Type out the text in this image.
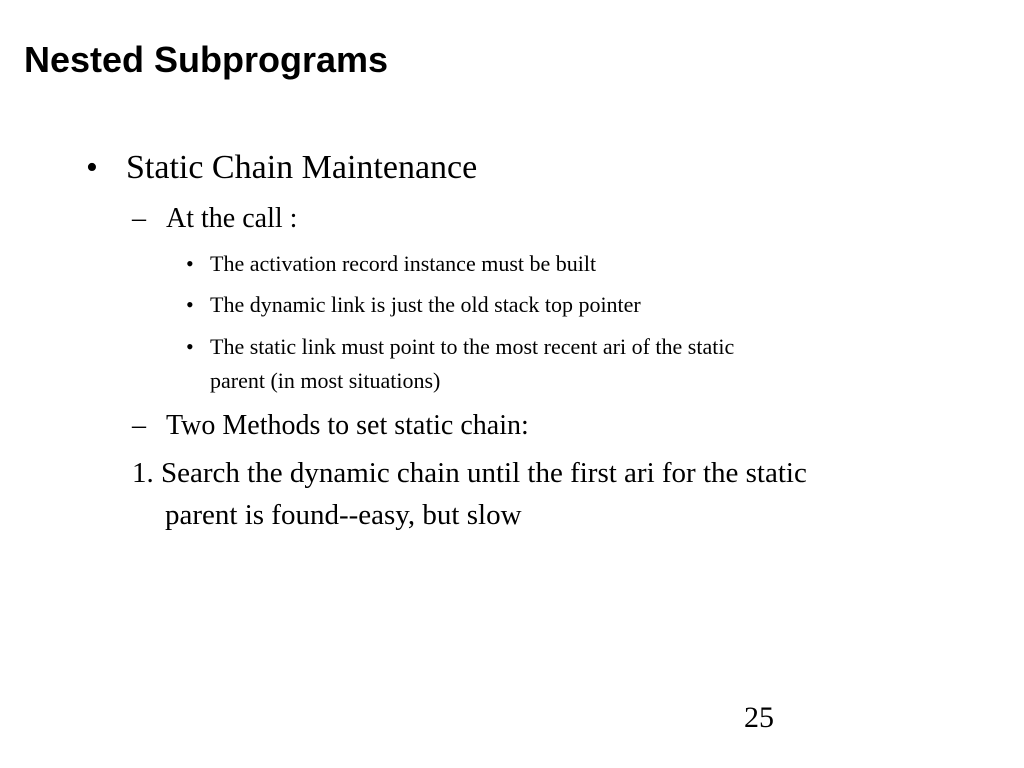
Nested Subprograms
• Static Chain Maintenance
– At the call :
• The activation record instance must be built
• The dynamic link is just the old stack top pointer
• The static link must point to the most recent ari of the static
parent (in most situations)
– Two Methods to set static chain:
1. Search the dynamic chain until the first ari for the static
parent is found--easy, but slow
25
